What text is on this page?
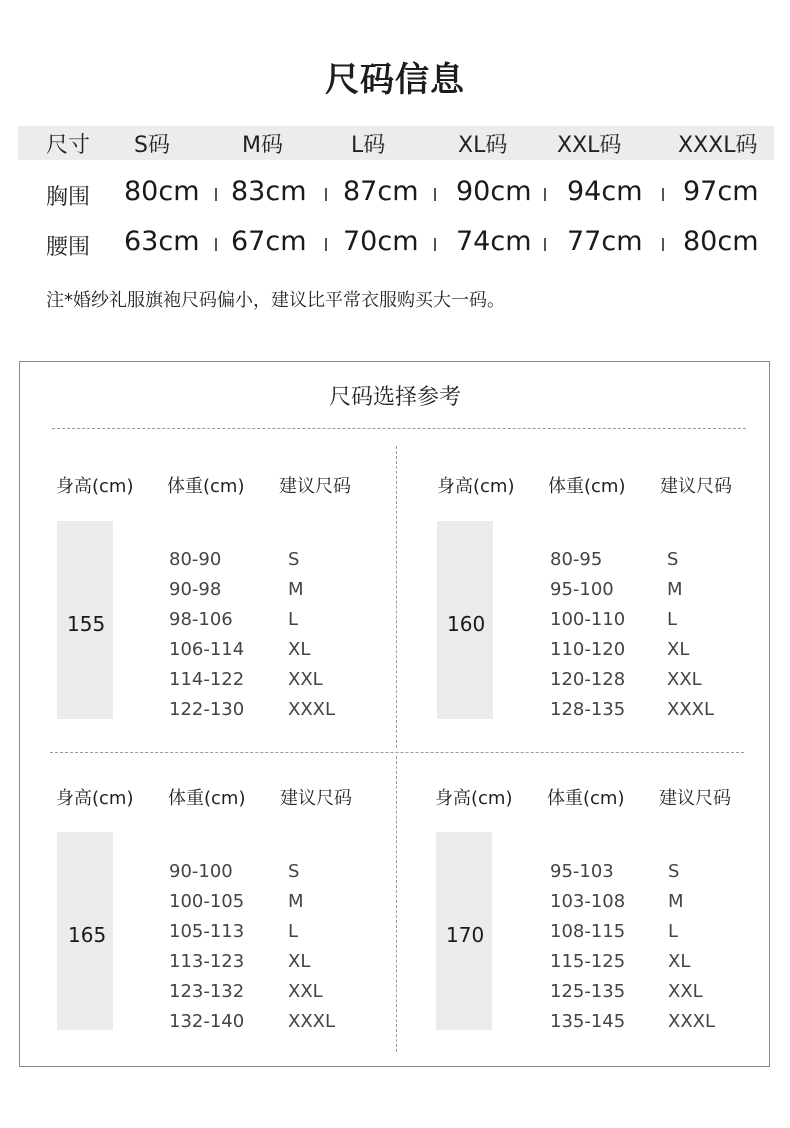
尺码信息
尺寸 S码	M码	L码	XL码 XXL码	XXXL码
胸围 80cm 83cm 87cm 90cm 94cm 97cm
腰围 63cm 67cm 70cm 74cm 77cm 80cm
注*婚纱礼服旗袍尺码偏小，建议比平常衣服购买大一码。
尺码选择参考
身高(cm) 体重(cm) 建议尺码
155
80-90	S
90-98	M
98-106	L
106-114 XL
114-122 XXL
122-130 XXXL
身高(cm) 体重(cm) 建议尺码
160
80-95	S
95-100	M
100-110 L
110-120 XL
120-128 XXL
128-135 XXXL
身高(cm) 体重(cm) 建议尺码
165
90-100	S
100-105 M
105-113 L
113-123 XL
123-132 XXL
132-140 XXXL
身高(cm) 体重(cm) 建议尺码
170
95-103	S
103-108 M
108-115 L
115-125 XL
125-135 XXL
135-145 XXXL
